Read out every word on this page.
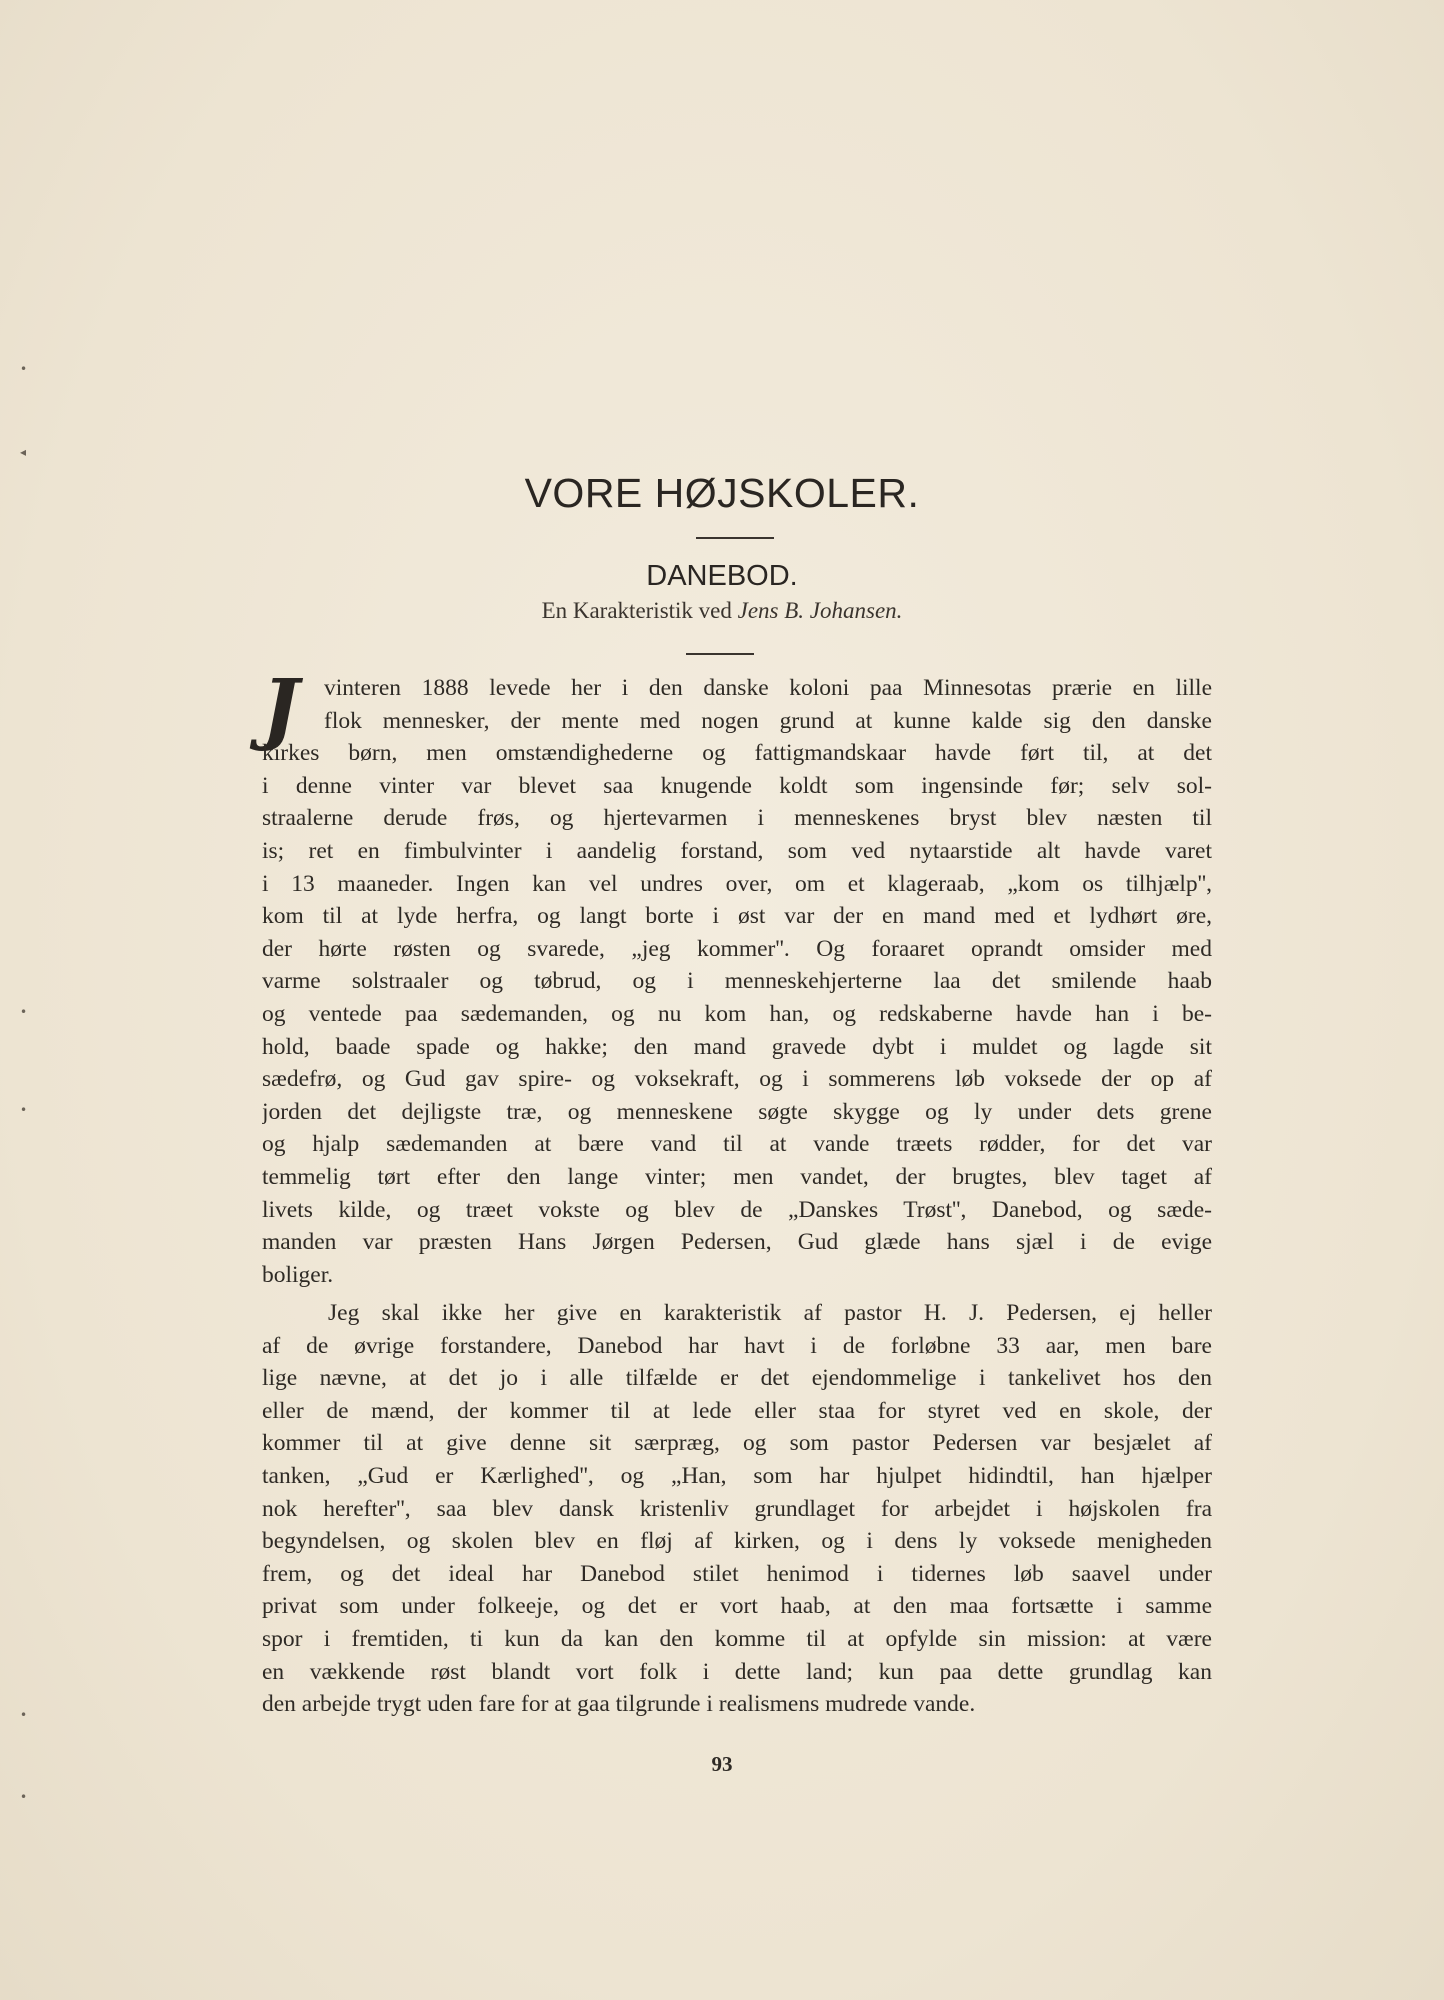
•
◂
•
•
•
•
VORE HØJSKOLER.
DANEBOD.
En Karakteristik ved Jens B. Johansen.
J	vinteren 1888 levede her i den danske koloni paa Minnesotas prærie en lille
flok mennesker, der mente med nogen grund at kunne kalde sig den danske
kirkes børn, men omstændighederne og fattigmandskaar havde ført til, at det
i denne vinter var blevet saa knugende koldt som ingensinde før; selv sol-
straalerne derude frøs, og hjertevarmen i menneskenes bryst blev næsten til
is; ret en fimbulvinter i aandelig forstand, som ved nytaarstide alt havde varet
i 13 maaneder. Ingen kan vel undres over, om et klageraab, „kom os tilhjælp'',
kom til at lyde herfra, og langt borte i øst var der en mand med et lydhørt øre,
der hørte røsten og svarede, „jeg kommer''. Og foraaret oprandt omsider med
varme solstraaler og tøbrud, og i menneskehjerterne laa det smilende haab
og ventede paa sædemanden, og nu kom han, og redskaberne havde han i be-
hold, baade spade og hakke; den mand gravede dybt i muldet og lagde sit
sædefrø, og Gud gav spire- og voksekraft, og i sommerens løb voksede der op af
jorden det dejligste træ, og menneskene søgte skygge og ly under dets grene
og hjalp sædemanden at bære vand til at vande træets rødder, for det var
temmelig tørt efter den lange vinter; men vandet, der brugtes, blev taget af
livets kilde, og træet vokste og blev de „Danskes Trøst'', Danebod, og sæde-
manden var præsten Hans Jørgen Pedersen, Gud glæde hans sjæl i de evige
boliger.
Jeg skal ikke her give en karakteristik af pastor H. J. Pedersen, ej heller
af de øvrige forstandere, Danebod har havt i de forløbne 33 aar, men bare
lige nævne, at det jo i alle tilfælde er det ejendommelige i tankelivet hos den
eller de mænd, der kommer til at lede eller staa for styret ved en skole, der
kommer til at give denne sit særpræg, og som pastor Pedersen var besjælet af
tanken, „Gud er Kærlighed'', og „Han, som har hjulpet hidindtil, han hjælper
nok herefter'', saa blev dansk kristenliv grundlaget for arbejdet i højskolen fra
begyndelsen, og skolen blev en fløj af kirken, og i dens ly voksede menigheden
frem, og det ideal har Danebod stilet henimod i tidernes løb saavel under
privat som under folkeeje, og det er vort haab, at den maa fortsætte i samme
spor i fremtiden, ti kun da kan den komme til at opfylde sin mission: at være
en vækkende røst blandt vort folk i dette land; kun paa dette grundlag kan
den arbejde trygt uden fare for at gaa tilgrunde i realismens mudrede vande.
93
